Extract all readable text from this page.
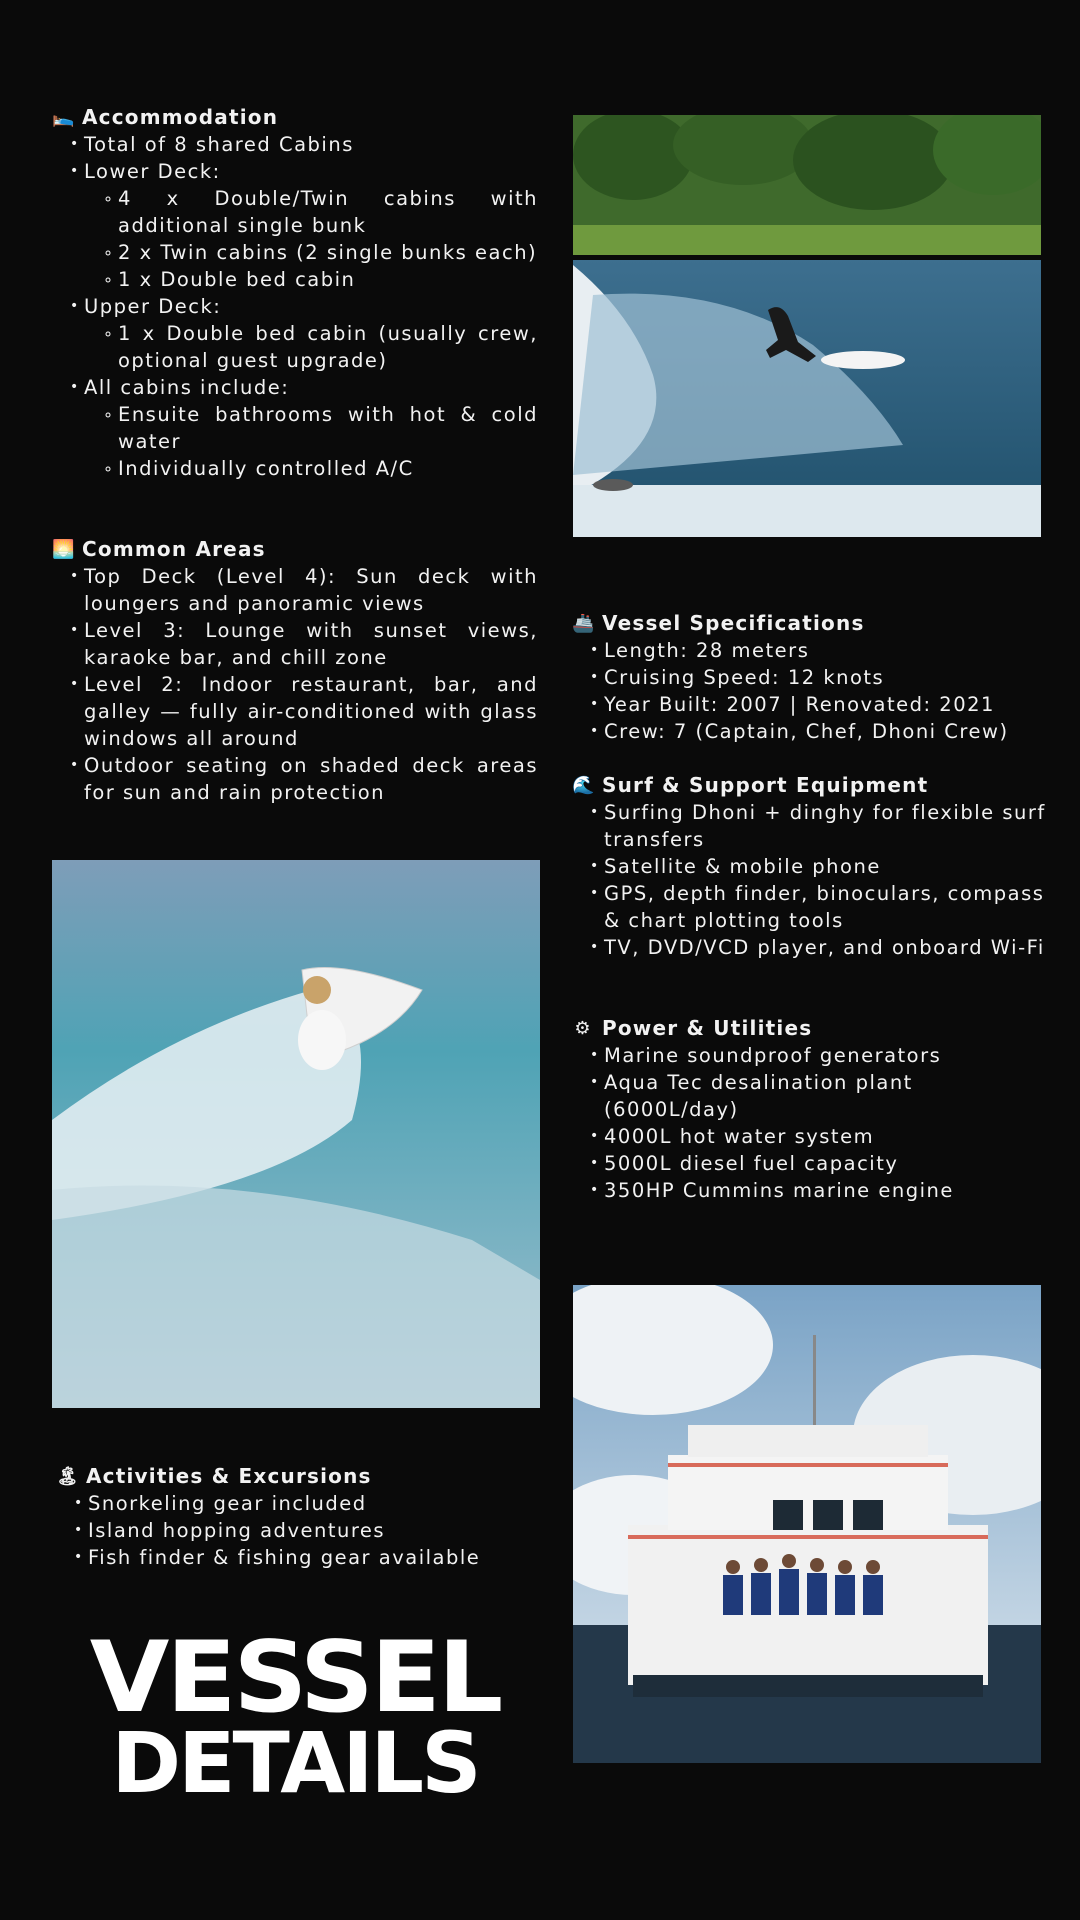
🛌 Accommodation
• Total of 8 shared Cabins
• Lower Deck:
∘ 4 x Double/Twin cabins with additional single bunk
∘ 2 x Twin cabins (2 single bunks each)
∘ 1 x Double bed cabin
• Upper Deck:
∘ 1 x Double bed cabin (usually crew, optional guest upgrade)
• All cabins include:
∘ Ensuite bathrooms with hot & cold water
∘ Individually controlled A/C
🌅 Common Areas
• Top Deck (Level 4): Sun deck with loungers and panoramic views
• Level 3: Lounge with sunset views, karaoke bar, and chill zone
• Level 2: Indoor restaurant, bar, and galley — fully air-conditioned with glass windows all around
• Outdoor seating on shaded deck areas for sun and rain protection
🚢 Vessel Specifications
• Length: 28 meters
• Cruising Speed: 12 knots
• Year Built: 2007 | Renovated: 2021
• Crew: 7 (Captain, Chef, Dhoni Crew)
🌊 Surf & Support Equipment
• Surfing Dhoni + dinghy for flexible surf transfers
• Satellite & mobile phone
• GPS, depth finder, binoculars, compass & chart plotting tools
• TV, DVD/VCD player, and onboard Wi-Fi
⚙ Power & Utilities
• Marine soundproof generators
• Aqua Tec desalination plant (6000L/day)
• 4000L hot water system
• 5000L diesel fuel capacity
• 350HP Cummins marine engine
🏝 Activities & Excursions
• Snorkeling gear included
• Island hopping adventures
• Fish finder & fishing gear available
VESSEL
DETAILS
